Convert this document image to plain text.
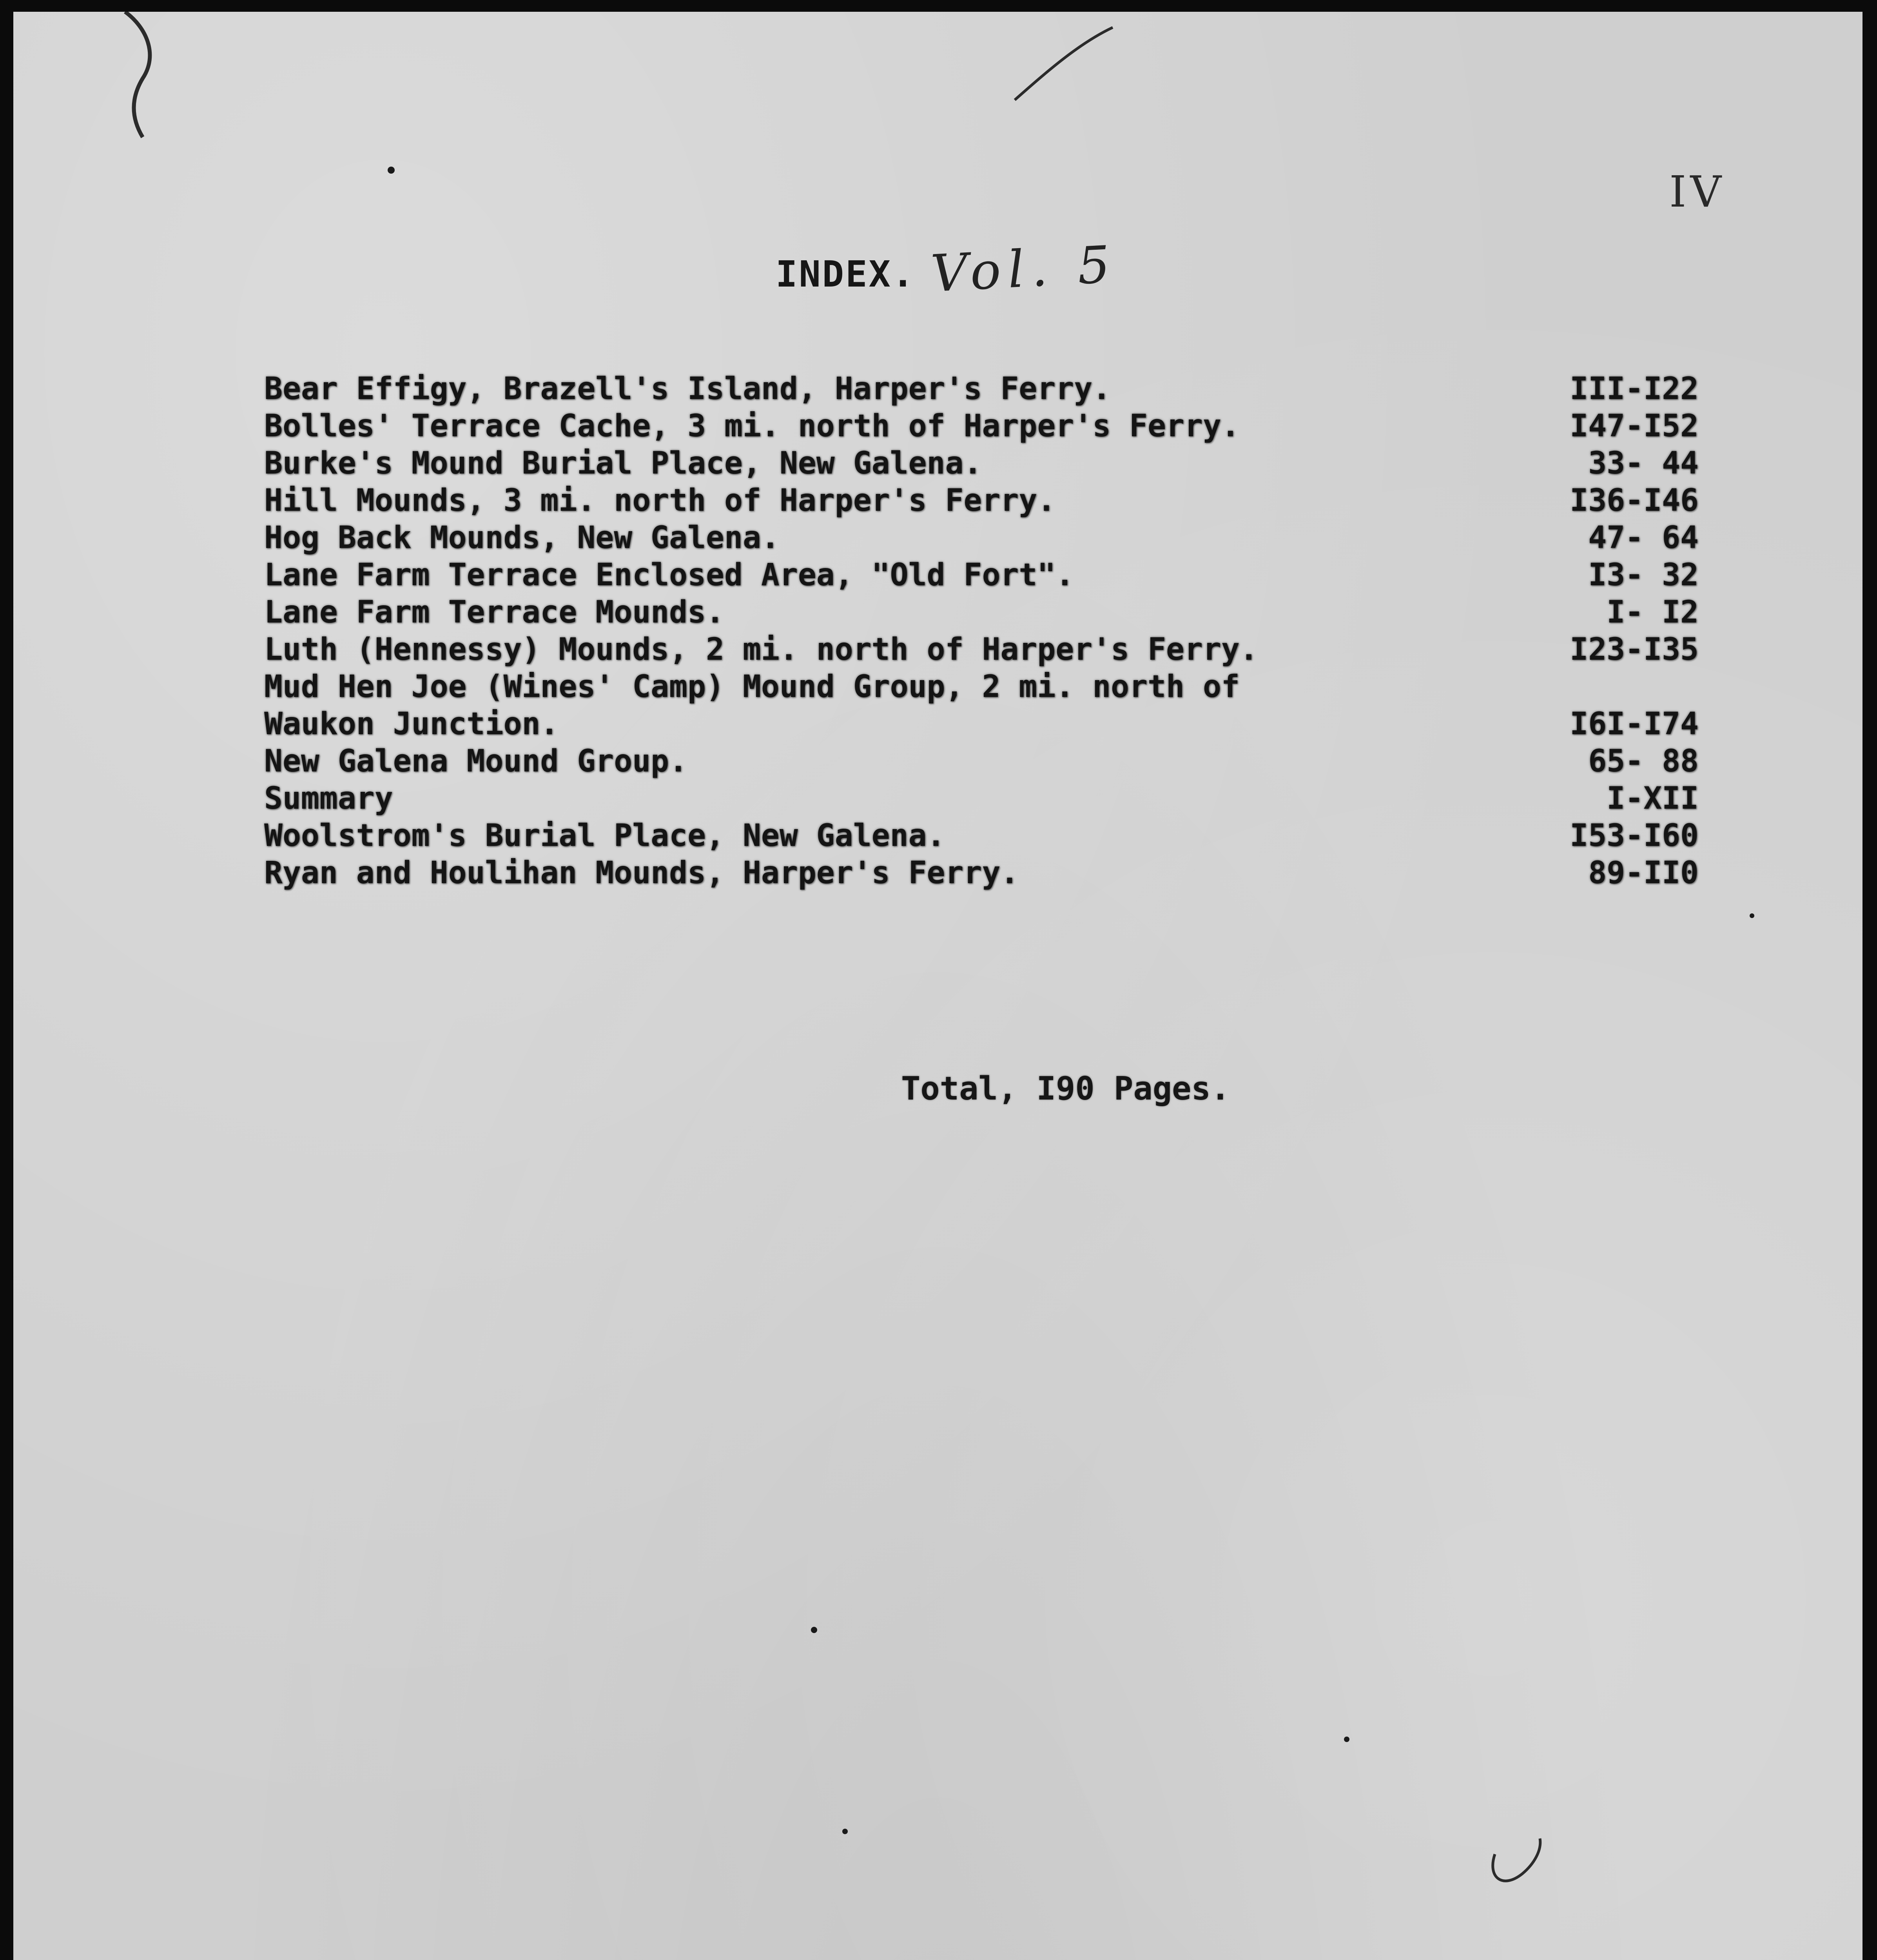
IV
INDEX. Vol. 5
Bear Effigy, Brazell's Island, Harper's Ferry.	III-I22
Bolles' Terrace Cache, 3 mi. north of Harper's Ferry.	I47-I52
Burke's Mound Burial Place, New Galena.	33- 44
Hill Mounds, 3 mi. north of Harper's Ferry.	I36-I46
Hog Back Mounds, New Galena.	47- 64
Lane Farm Terrace Enclosed Area, "Old Fort".	I3- 32
Lane Farm Terrace Mounds.	I- I2
Luth (Hennessy) Mounds, 2 mi. north of Harper's Ferry.	I23-I35
Mud Hen Joe (Wines' Camp) Mound Group, 2 mi. north of
Waukon Junction.	I6I-I74
New Galena Mound Group.	65- 88
Summary	I-XII
Woolstrom's Burial Place, New Galena.	I53-I60
Ryan and Houlihan Mounds, Harper's Ferry.	89-II0
Total, I90 Pages.
